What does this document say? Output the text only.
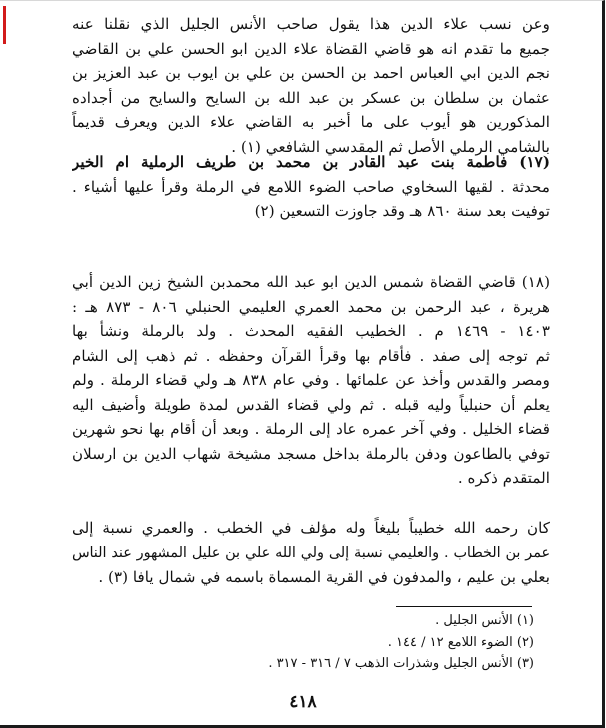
وعن نسب علاء الدين هذا يقول صاحب الأنس الجليل الذي نقلنا عنه
جميع ما تقدم انه هو قاضي القضاة علاء الدين ابو الحسن علي بن القاضي
نجم الدين ابي العباس احمد بن الحسن بن علي بن ايوب بن عبد العزيز بن
عثمان بن سلطان بن عسكر بن عبد الله بن السايح والسايح من أجداده
المذكورين هو أيوب على ما أخبر به القاضي علاء الدين ويعرف قديماً
بالشامي الرملي الأصل ثم المقدسي الشافعي (١) .
(١٧) فاطمة بنت عبد القادر بن محمد بن طريف الرملية ام الخير
محدثة . لقيها السخاوي صاحب الضوء اللامع في الرملة وقرأ عليها أشياء .
توفيت بعد سنة ٨٦٠ هـ وقد جاوزت التسعين (٢)
(١٨) قاضي القضاة شمس الدين ابو عبد الله محمدبن الشيخ زين الدين أبي
هريرة ، عبد الرحمن بن محمد العمري العليمي الحنبلي ٨٠٦ - ٨٧٣ هـ :
١٤٠٣ - ١٤٦٩ م . الخطيب الفقيه المحدث . ولد بالرملة ونشأ بها
ثم توجه إلى صفد . فأقام بها وقرأ القرآن وحفظه . ثم ذهب إلى الشام
ومصر والقدس وأخذ عن علمائها . وفي عام ٨٣٨ هـ ولي قضاء الرملة . ولم
يعلم أن حنبلياً وليه قبله . ثم ولي قضاء القدس لمدة طويلة وأضيف اليه
قضاء الخليل . وفي آخر عمره عاد إلى الرملة . وبعد أن أقام بها نحو شهرين
توفي بالطاعون ودفن بالرملة بداخل مسجد مشيخة شهاب الدين بن ارسلان
المتقدم ذكره .
كان رحمه الله خطيباً بليغاً وله مؤلف في الخطب . والعمري نسبة إلى
عمر بن الخطاب . والعليمي نسبة إلى ولي الله علي بن عليل المشهور عند الناس
بعلي بن عليم ، والمدفون في القرية المسماة باسمه في شمال يافا (٣) .
(١) الأنس الجليل .
(٢) الضوء اللامع ١٢ / ١٤٤ .
(٣) الأنس الجليل وشذرات الذهب ٧ / ٣١٦ - ٣١٧ .
٤١٨
